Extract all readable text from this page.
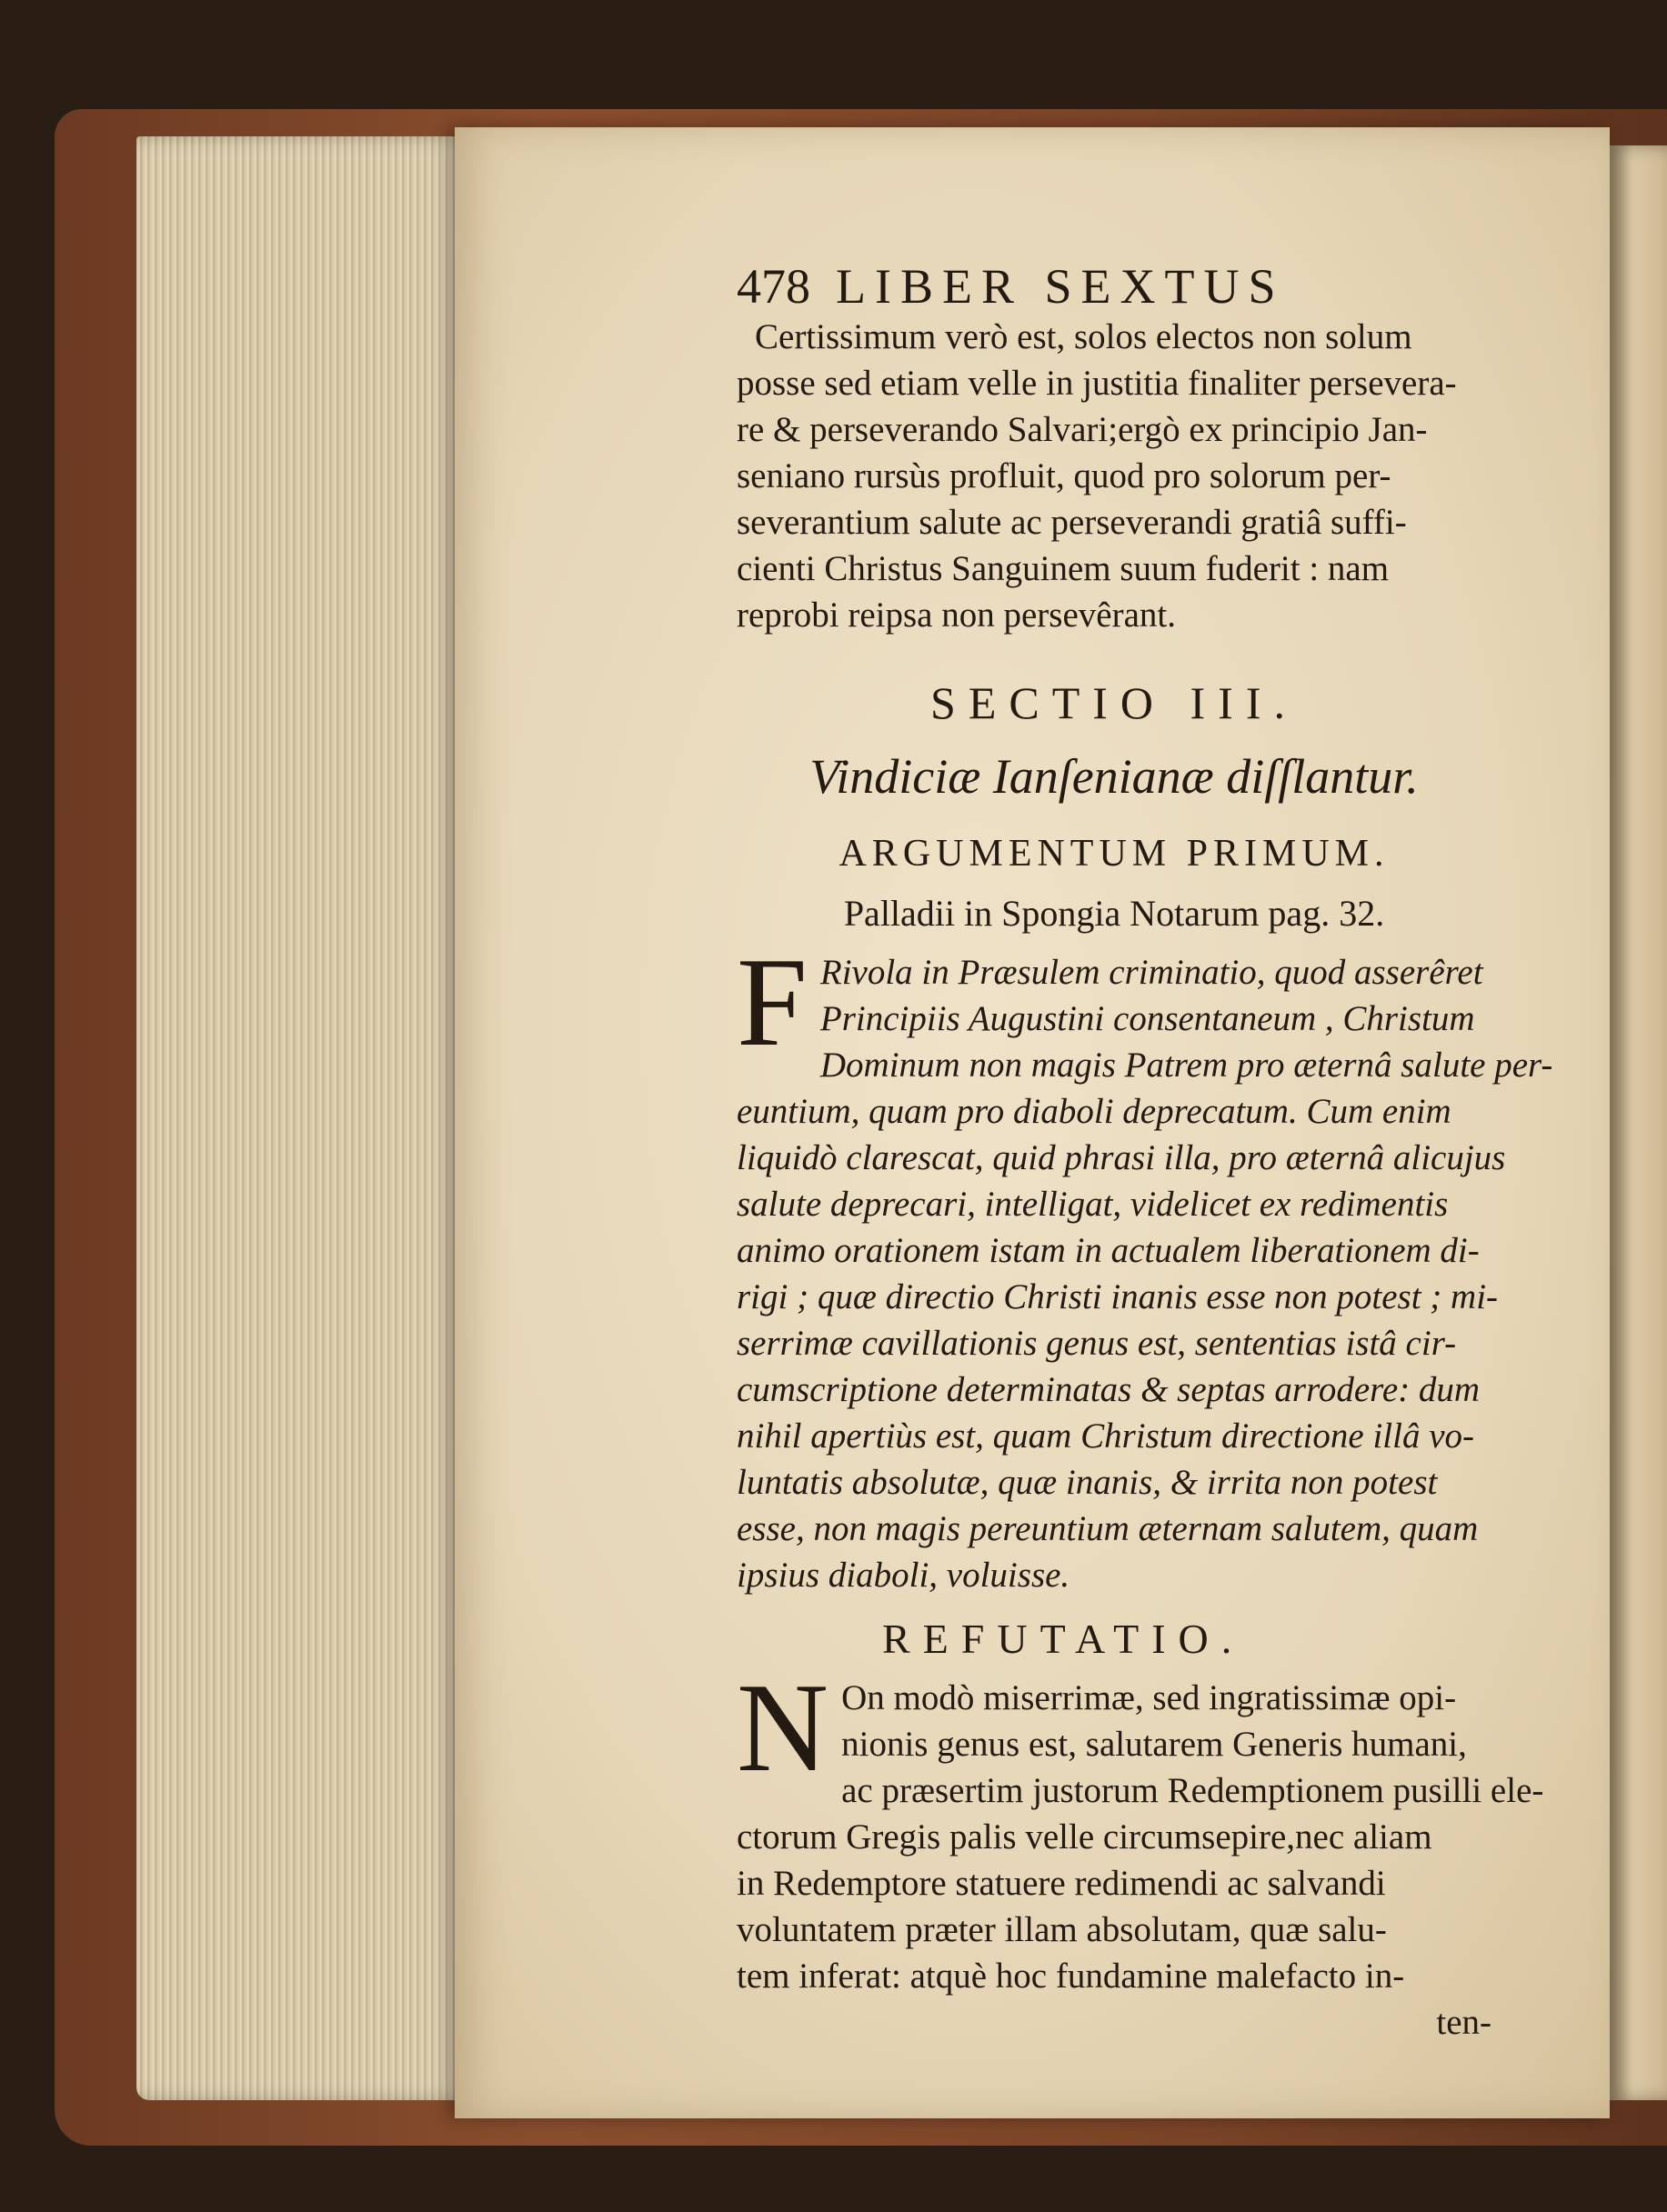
478 LIBER SEXTUS
Certissimum verò est, solos electos non solum
posse sed etiam velle in justitia finaliter persevera-
re & perseverando Salvari;ergò ex principio Jan-
seniano rursùs profluit, quod pro solorum per-
severantium salute ac perseverandi gratiâ suffi-
cienti Christus Sanguinem suum fuderit : nam
reprobi reipsa non persevêrant.
SECTIO III.
Vindiciæ Ianſenianæ diſſlantur.
ARGUMENTUM PRIMUM.
Palladii in Spongia Notarum pag. 32.
F Rivola in Præsulem criminatio, quod asserêret
Principiis Augustini consentaneum , Christum
Dominum non magis Patrem pro æternâ salute per-
euntium, quam pro diaboli deprecatum. Cum enim
liquidò clarescat, quid phrasi illa, pro æternâ alicujus
salute deprecari, intelligat, videlicet ex redimentis
animo orationem istam in actualem liberationem di-
rigi ; quæ directio Christi inanis esse non potest ; mi-
serrimæ cavillationis genus est, sententias istâ cir-
cumscriptione determinatas & septas arrodere: dum
nihil apertiùs est, quam Christum directione illâ vo-
luntatis absolutæ, quæ inanis, & irrita non potest
esse, non magis pereuntium æternam salutem, quam
ipsius diaboli, voluisse.
REFUTATIO.
N On modò miserrimæ, sed ingratissimæ opi-
nionis genus est, salutarem Generis humani,
ac præsertim justorum Redemptionem pusilli ele-
ctorum Gregis palis velle circumsepire,nec aliam
in Redemptore statuere redimendi ac salvandi
voluntatem præter illam absolutam, quæ salu-
tem inferat: atquè hoc fundamine malefacto in-
ten-
